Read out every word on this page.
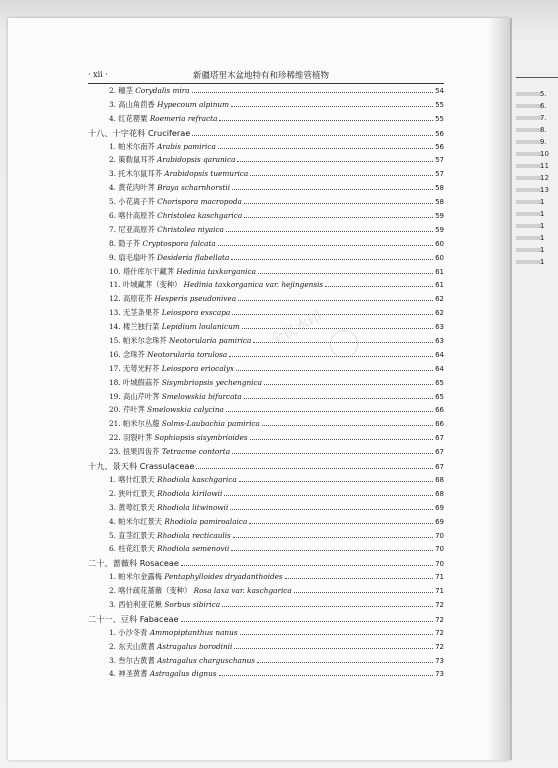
5.
6.
7.
8.
9.
10
11
12
13
1
1
1
1
1
1
· xii ·	新疆塔里木盆地特有和珍稀维管植物
2. 穗茎 Corydalis mira	54
3. 高山角茴香 Hypecoum alpinum	55
4. 红花罂粟 Roemeria refracta	55
十八、十字花科 Cruciferae	56
1. 帕米尔南芥 Arabis pamirica	56
2. 策勒鼠耳芥 Arabidopsis qaranica	57
3. 托木尔鼠耳芥 Arabidopsis tuemurica	57
4. 黄花肉叶荠 Braya scharnhorstii	58
5. 小花离子芥 Chorispora macropoda	58
6. 喀什高原芥 Christolea kaschgarica	59
7. 尼亚高原芥 Christolea niyaica	59
8. 隐子芥 Cryptospora falcata	60
9. 扇毛扇叶芥 Desideria flabellata	60
10. 塔什库尔干藏荠 Hedinia taxkorganica	61
11. 叶城藏荠（变种） Hedinia taxkorganica var. hejingensis	61
12. 高原花芥 Hesperis pseudonivea	62
13. 无茎条果芥 Leiospora exscapa	62
14. 楼兰独行菜 Lepidium loulanicum	63
15. 帕米尔念珠芥 Neotorularia pamirica	63
16. 念珠芥 Neotorularia torulosa	64
17. 无萼光籽芥 Leiospora eriocalyx	64
18. 叶城假蒜芥 Sisymbriopsis yechengnica	65
19. 高山芹叶荠 Smelowskia bifurcata	65
20. 芹叶荠 Smelowskia calycina	66
21. 帕米尔丛菔 Solms-Laubachia pamirica	66
22. 羽裂叶荠 Sophiopsis sisymbrioides	67
23. 扭果四齿芥 Tetracme contorta	67
十九、景天科 Crassulaceae	67
1. 喀什红景天 Rhodiola kaschgarica	68
2. 狭叶红景天 Rhodiola kirilowii	68
3. 黄萼红景天 Rhodiola litwinowii	69
4. 帕米尔红景天 Rhodiola pamiroalaica	69
5. 直茎红景天 Rhodiola recticaulis	70
6. 柱花红景天 Rhodiola semenovii	70
二十、蔷薇科 Rosaceae	70
1. 帕米尔金露梅 Pentaphylloides dryadanthoides	71
2. 喀什疏花蔷薇（变种） Rosa laxa var. kaschgarica	71
3. 西伯利亚花楸 Sorbus sibirica	72
二十一、豆科 Fabaceae	72
1. 小沙冬青 Ammopiptanthus nanus	72
2. 东天山黄耆 Astragalus borodinii	72
3. 叁尔古黄耆 Astragalus charguschanus	73
4. 神圣黄耆 Astragalus dignus	73
全民水印
